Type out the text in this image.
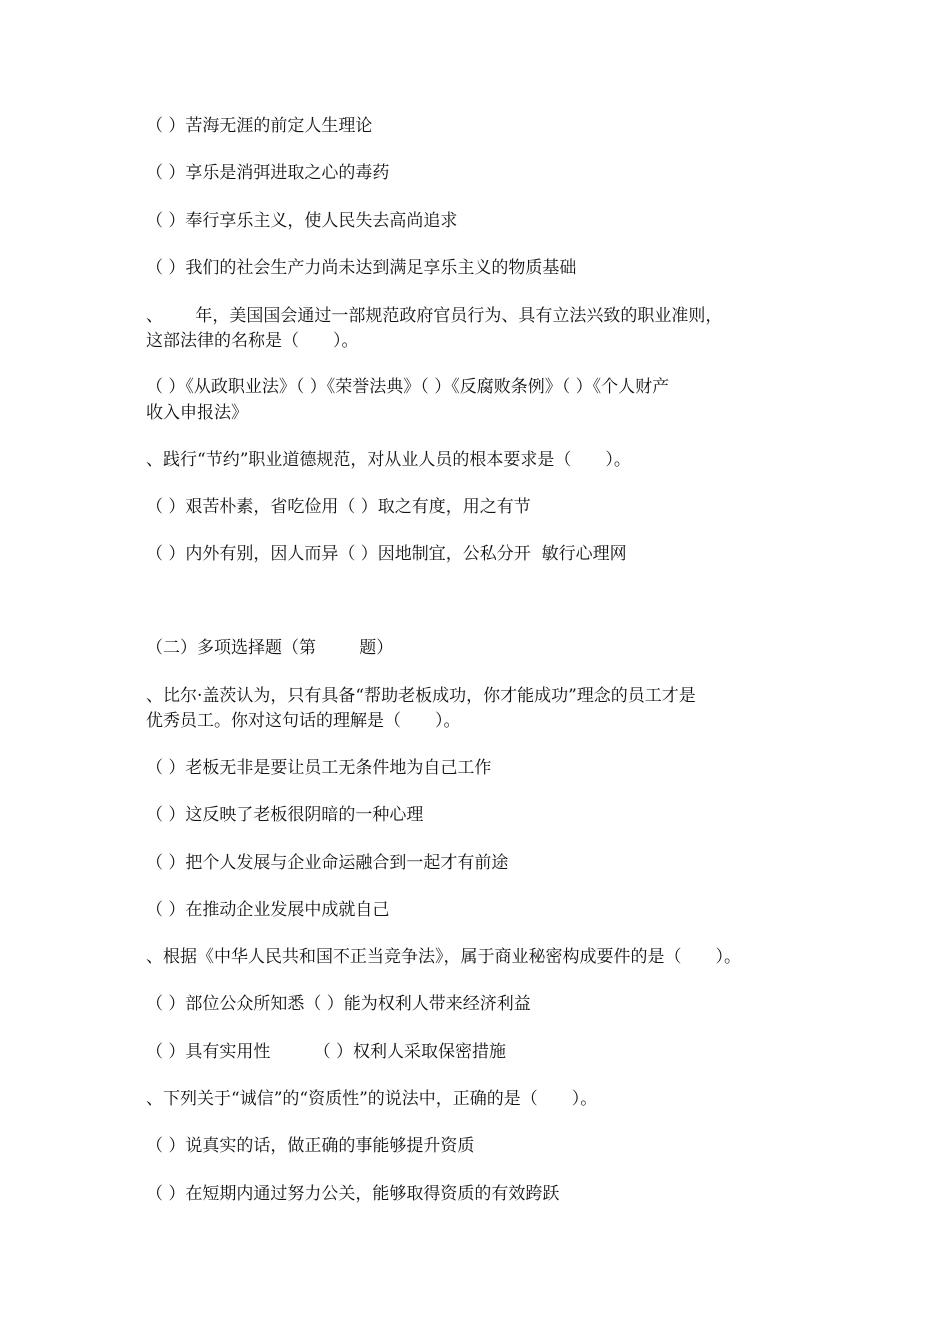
（ ）苦海无涯的前定人生理论

（ ）享乐是消弭进取之心的毒药

（ ）奉行享乐主义，使人民失去高尚追求

（ ）我们的社会生产力尚未达到满足享乐主义的物质基础

、      年，美国国会通过一部规范政府官员行为、具有立法兴致的职业准则，

这部法律的名称是（　　）。

（ ）《从政职业法》（ ）《荣誉法典》（ ）《反腐败条例》（ ）《个人财产

收入申报法》

、践行“节约”职业道德规范，对从业人员的根本要求是（　　）。

（ ）艰苦朴素，省吃俭用（ ）取之有度，用之有节

（ ）内外有别，因人而异（ ）因地制宜，公私分开  敏行心理网

（二）多项选择题（第        题）

、比尔·盖茨认为，只有具备“帮助老板成功，你才能成功”理念的员工才是

优秀员工。你对这句话的理解是（　　）。

（ ）老板无非是要让员工无条件地为自己工作

（ ）这反映了老板很阴暗的一种心理

（ ）把个人发展与企业命运融合到一起才有前途

（ ）在推动企业发展中成就自己

、根据《中华人民共和国不正当竞争法》，属于商业秘密构成要件的是（　　）。

（ ）部位公众所知悉（ ）能为权利人带来经济利益

（ ）具有实用性        （ ）权利人采取保密措施

、下列关于“诚信”的“资质性”的说法中，正确的是（　　）。

（ ）说真实的话，做正确的事能够提升资质

（ ）在短期内通过努力公关，能够取得资质的有效跨跃
